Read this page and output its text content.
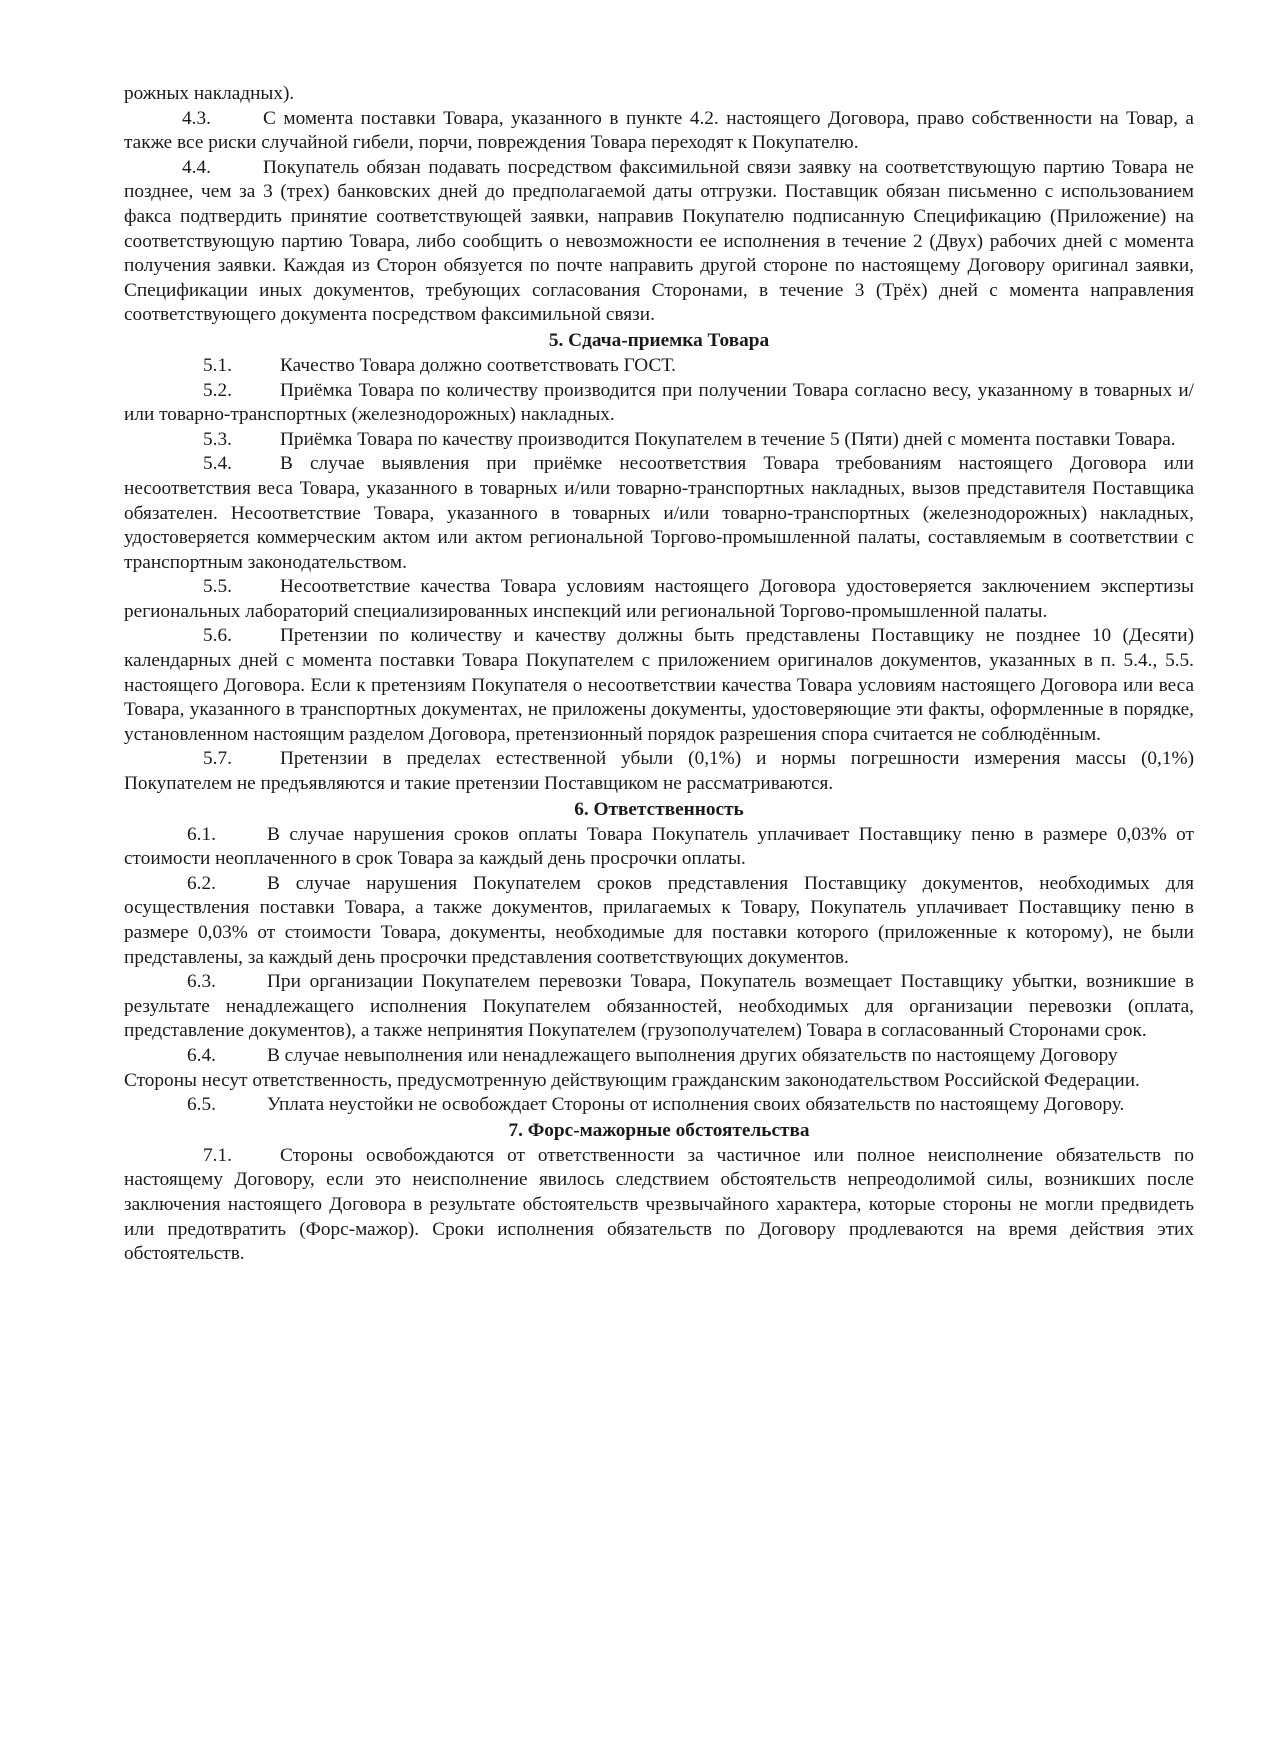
рожных накладных).

4.3.	С момента поставки Товара, указанного в пункте 4.2. настоящего Договора, право собственности на Товар, а также все риски случайной гибели, порчи, повреждения Товара переходят к Покупателю.

4.4.	Покупатель обязан подавать посредством факсимильной связи заявку на соответствующую партию Товара не позднее, чем за 3 (трех) банковских дней до предполагаемой даты отгрузки. Поставщик обязан письменно с использованием факса подтвердить принятие соответствующей заявки, направив Покупателю подписанную Спецификацию (Приложение) на соответствующую партию Товара, либо сообщить о невозможности ее исполнения в течение 2 (Двух) рабочих дней с момента получения заявки. Каждая из Сторон обязуется по почте направить другой стороне по настоящему Договору оригинал заявки, Спецификации иных документов, требующих согласования Сторонами, в течение 3 (Трёх) дней с момента направления соответствующего документа посредством факсимильной связи.

5. Сдача-приемка Товара

5.1. Качество Товара должно соответствовать ГОСТ.

5.2. Приёмка Товара по количеству производится при получении Товара согласно весу, указанному в товарных и/или товарно-транспортных (железнодорожных) накладных.

5.3. Приёмка Товара по качеству производится Покупателем в течение 5 (Пяти) дней с момента поставки Товара.

5.4. В случае выявления при приёмке несоответствия Товара требованиям настоящего Договора или несоответствия веса Товара, указанного в товарных и/или товарно-транспортных накладных, вызов представителя Поставщика обязателен. Несоответствие Товара, указанного в товарных и/или товарно-транспортных (железнодорожных) накладных, удостоверяется коммерческим актом или актом региональной Торгово-промышленной палаты, составляемым в соответствии с транспортным законодательством.

5.5. Несоответствие качества Товара условиям настоящего Договора удостоверяется заключением экспертизы региональных лабораторий специализированных инспекций или региональной Торгово-промышленной палаты.

5.6. Претензии по количеству и качеству должны быть представлены Поставщику не позднее 10 (Десяти) календарных дней с момента поставки Товара Покупателем с приложением оригиналов документов, указанных в п. 5.4., 5.5. настоящего Договора. Если к претензиям Покупателя о несоответствии качества Товара условиям настоящего Договора или веса Товара, указанного в транспортных документах, не приложены документы, удостоверяющие эти факты, оформленные в порядке, установленном настоящим разделом Договора, претензионный порядок разрешения спора считается не соблюдённым.

5.7. Претензии в пределах естественной убыли (0,1%) и нормы погрешности измерения массы (0,1%) Покупателем не предъявляются и такие претензии Поставщиком не рассматриваются.

6. Ответственность

6.1.	В случае нарушения сроков оплаты Товара Покупатель уплачивает Поставщику пеню в размере 0,03% от стоимости неоплаченного в срок Товара за каждый день просрочки оплаты.

6.2.	В случае нарушения Покупателем сроков представления Поставщику документов, необходимых для осуществления поставки Товара, а также документов, прилагаемых к Товару, Покупатель уплачивает Поставщику пеню в размере 0,03% от стоимости Товара, документы, необходимые для поставки которого (приложенные к которому), не были представлены, за каждый день просрочки представления соответствующих документов.

6.3.	При организации Покупателем перевозки Товара, Покупатель возмещает Поставщику убытки, возникшие в результате ненадлежащего исполнения Покупателем обязанностей, необходимых для организации перевозки (оплата, представление документов), а также непринятия Покупателем (грузополучателем) Товара в согласованный Сторонами срок.

6.4.	В случае невыполнения или ненадлежащего выполнения других обязательств по настоящему Договору Стороны несут ответственность, предусмотренную действующим гражданским законодательством Российской Федерации.

6.5.	Уплата неустойки не освобождает Стороны от исполнения своих обязательств по настоящему Договору.

7. Форс-мажорные обстоятельства

7.1. Стороны освобождаются от ответственности за частичное или полное неисполнение обязательств по настоящему Договору, если это неисполнение явилось следствием обстоятельств непреодолимой силы, возникших после заключения настоящего Договора в результате обстоятельств чрезвычайного характера, которые стороны не могли предвидеть или предотвратить (Форс-мажор). Сроки исполнения обязательств по Договору продлеваются на время действия этих обстоятельств.
